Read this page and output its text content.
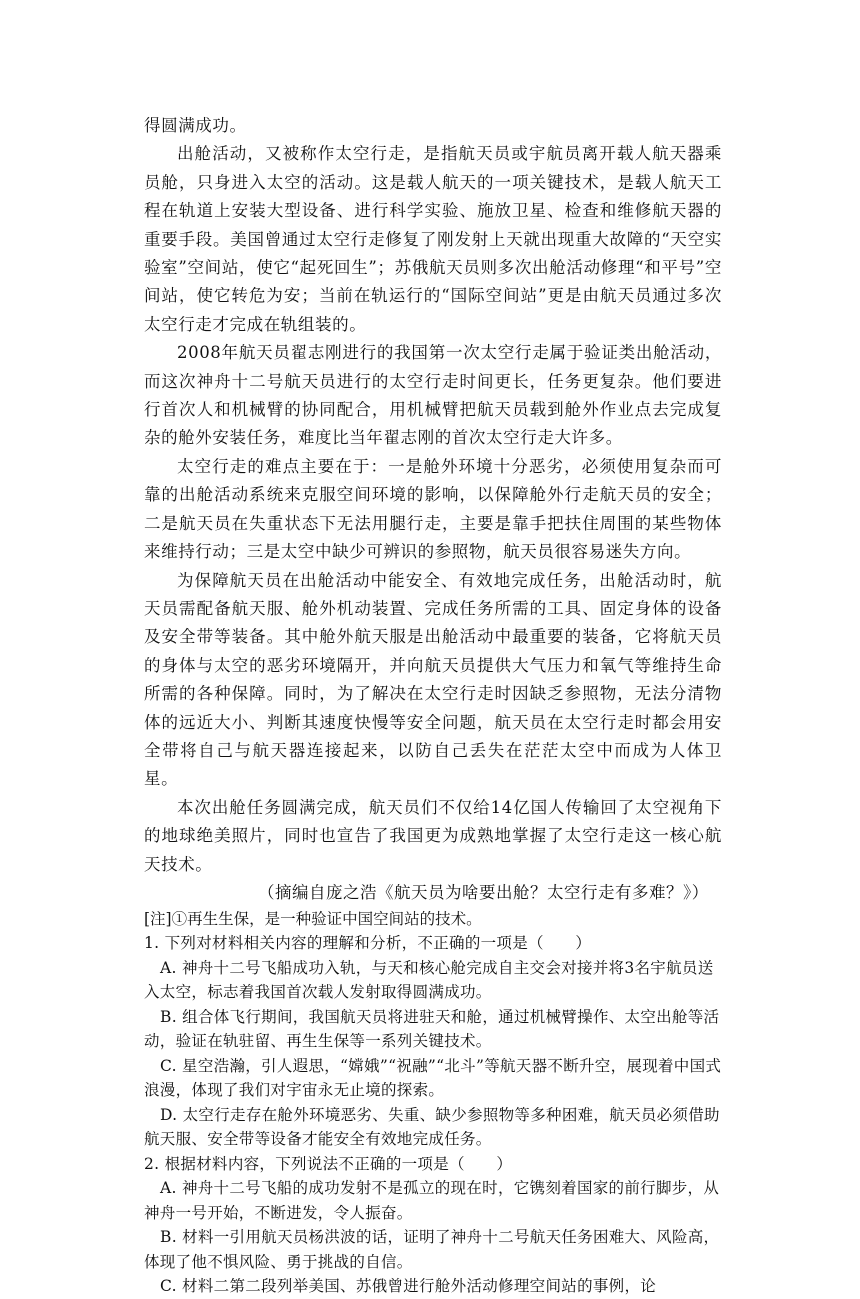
得圆满成功。

出舱活动，又被称作太空行走，是指航天员或宇航员离开载人航天器乘员舱，只身进入太空的活动。这是载人航天的一项关键技术，是载人航天工程在轨道上安装大型设备、进行科学实验、施放卫星、检查和维修航天器的重要手段。美国曾通过太空行走修复了刚发射上天就出现重大故障的“天空实验室”空间站，使它“起死回生”；苏俄航天员则多次出舱活动修理“和平号”空间站，使它转危为安；当前在轨运行的“国际空间站”更是由航天员通过多次太空行走才完成在轨组装的。

2008年航天员翟志刚进行的我国第一次太空行走属于验证类出舱活动，而这次神舟十二号航天员进行的太空行走时间更长，任务更复杂。他们要进行首次人和机械臂的协同配合，用机械臂把航天员载到舱外作业点去完成复杂的舱外安装任务，难度比当年翟志刚的首次太空行走大许多。

太空行走的难点主要在于：一是舱外环境十分恶劣，必须使用复杂而可靠的出舱活动系统来克服空间环境的影响，以保障舱外行走航天员的安全；二是航天员在失重状态下无法用腿行走，主要是靠手把扶住周围的某些物体来维持行动；三是太空中缺少可辨识的参照物，航天员很容易迷失方向。

为保障航天员在出舱活动中能安全、有效地完成任务，出舱活动时，航天员需配备航天服、舱外机动装置、完成任务所需的工具、固定身体的设备及安全带等装备。其中舱外航天服是出舱活动中最重要的装备，它将航天员的身体与太空的恶劣环境隔开，并向航天员提供大气压力和氧气等维持生命所需的各种保障。同时，为了解决在太空行走时因缺乏参照物，无法分清物体的远近大小、判断其速度快慢等安全问题，航天员在太空行走时都会用安全带将自己与航天器连接起来，以防自己丢失在茫茫太空中而成为人体卫星。

本次出舱任务圆满完成，航天员们不仅给14亿国人传输回了太空视角下的地球绝美照片，同时也宣告了我国更为成熟地掌握了太空行走这一核心航天技术。

（摘编自庞之浩《航天员为啥要出舱？太空行走有多难？》）

[注]①再生生保，是一种验证中国空间站的技术。

1. 下列对材料相关内容的理解和分析，不正确的一项是（　　）

A. 神舟十二号飞船成功入轨，与天和核心舱完成自主交会对接并将3名宇航员送入太空，标志着我国首次载人发射取得圆满成功。

B. 组合体飞行期间，我国航天员将进驻天和舱，通过机械臂操作、太空出舱等活动，验证在轨驻留、再生生保等一系列关键技术。

C. 星空浩瀚，引人遐思，“嫦娥”“祝融”“北斗”等航天器不断升空，展现着中国式浪漫，体现了我们对宇宙永无止境的探索。

D. 太空行走存在舱外环境恶劣、失重、缺少参照物等多种困难，航天员必须借助航天服、安全带等设备才能安全有效地完成任务。

2. 根据材料内容，下列说法不正确的一项是（　　）

A. 神舟十二号飞船的成功发射不是孤立的现在时，它镌刻着国家的前行脚步，从神舟一号开始，不断进发，令人振奋。

B. 材料一引用航天员杨洪波的话，证明了神舟十二号航天任务困难大、风险高，体现了他不惧风险、勇于挑战的自信。

C. 材料二第二段列举美国、苏俄曾进行舱外活动修理空间站的事例，论
